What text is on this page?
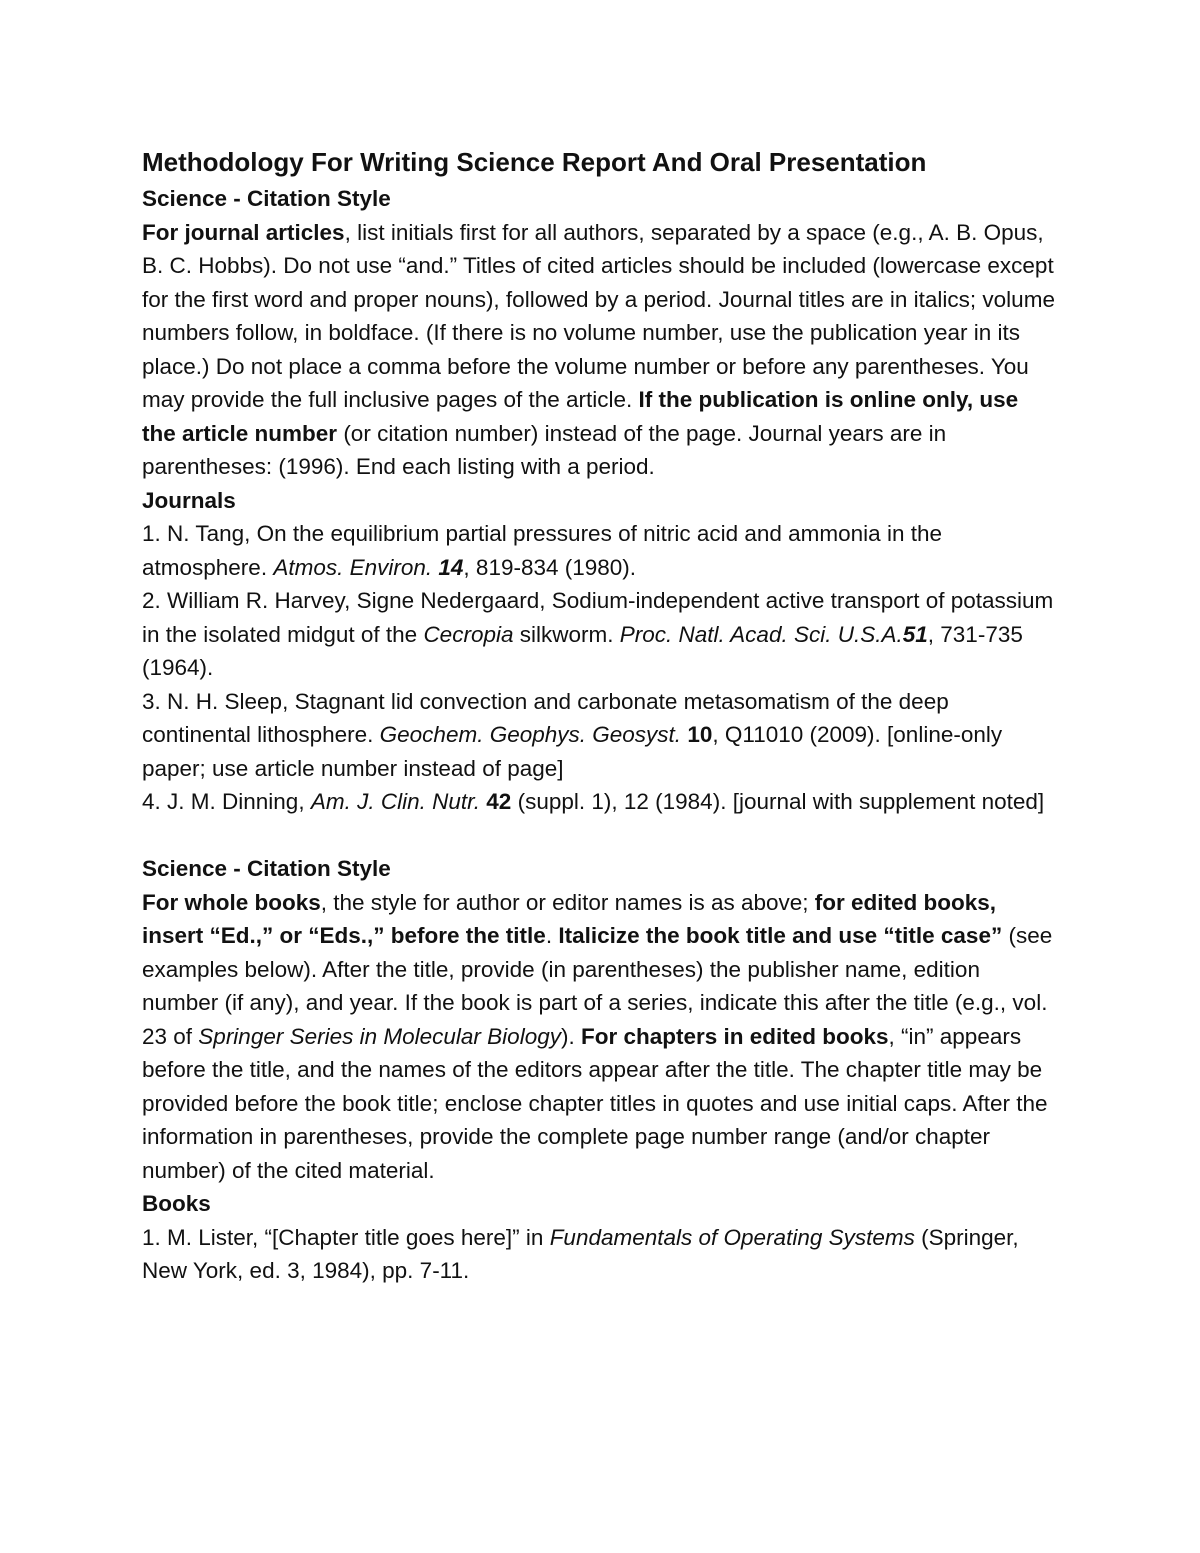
Methodology For Writing Science Report And Oral Presentation
Science - Citation Style

For journal articles, list initials first for all authors, separated by a space (e.g., A. B. Opus, B. C. Hobbs). Do not use “and.” Titles of cited articles should be included (lowercase except for the first word and proper nouns), followed by a period. Journal titles are in italics; volume numbers follow, in boldface. (If there is no volume number, use the publication year in its place.) Do not place a comma before the volume number or before any parentheses. You may provide the full inclusive pages of the article. If the publication is online only, use the article number (or citation number) instead of the page. Journal years are in parentheses: (1996). End each listing with a period.

Journals

1. N. Tang, On the equilibrium partial pressures of nitric acid and ammonia in the atmosphere. Atmos. Environ. 14, 819-834 (1980).

2. William R. Harvey, Signe Nedergaard, Sodium-independent active transport of potassium in the isolated midgut of the Cecropia silkworm. Proc. Natl. Acad. Sci. U.S.A.51, 731-735 (1964).

3. N. H. Sleep, Stagnant lid convection and carbonate metasomatism of the deep continental lithosphere. Geochem. Geophys. Geosyst. 10, Q11010 (2009). [online-only paper; use article number instead of page]

4. J. M. Dinning, Am. J. Clin. Nutr. 42 (suppl. 1), 12 (1984). [journal with supplement noted]

Science - Citation Style

For whole books, the style for author or editor names is as above; for edited books, insert “Ed.,” or “Eds.,” before the title. Italicize the book title and use “title case” (see examples below). After the title, provide (in parentheses) the publisher name, edition number (if any), and year. If the book is part of a series, indicate this after the title (e.g., vol. 23 of Springer Series in Molecular Biology). For chapters in edited books, “in” appears before the title, and the names of the editors appear after the title. The chapter title may be provided before the book title; enclose chapter titles in quotes and use initial caps. After the information in parentheses, provide the complete page number range (and/or chapter number) of the cited material.

Books

1. M. Lister, “[Chapter title goes here]” in Fundamentals of Operating Systems (Springer, New York, ed. 3, 1984), pp. 7-11.
